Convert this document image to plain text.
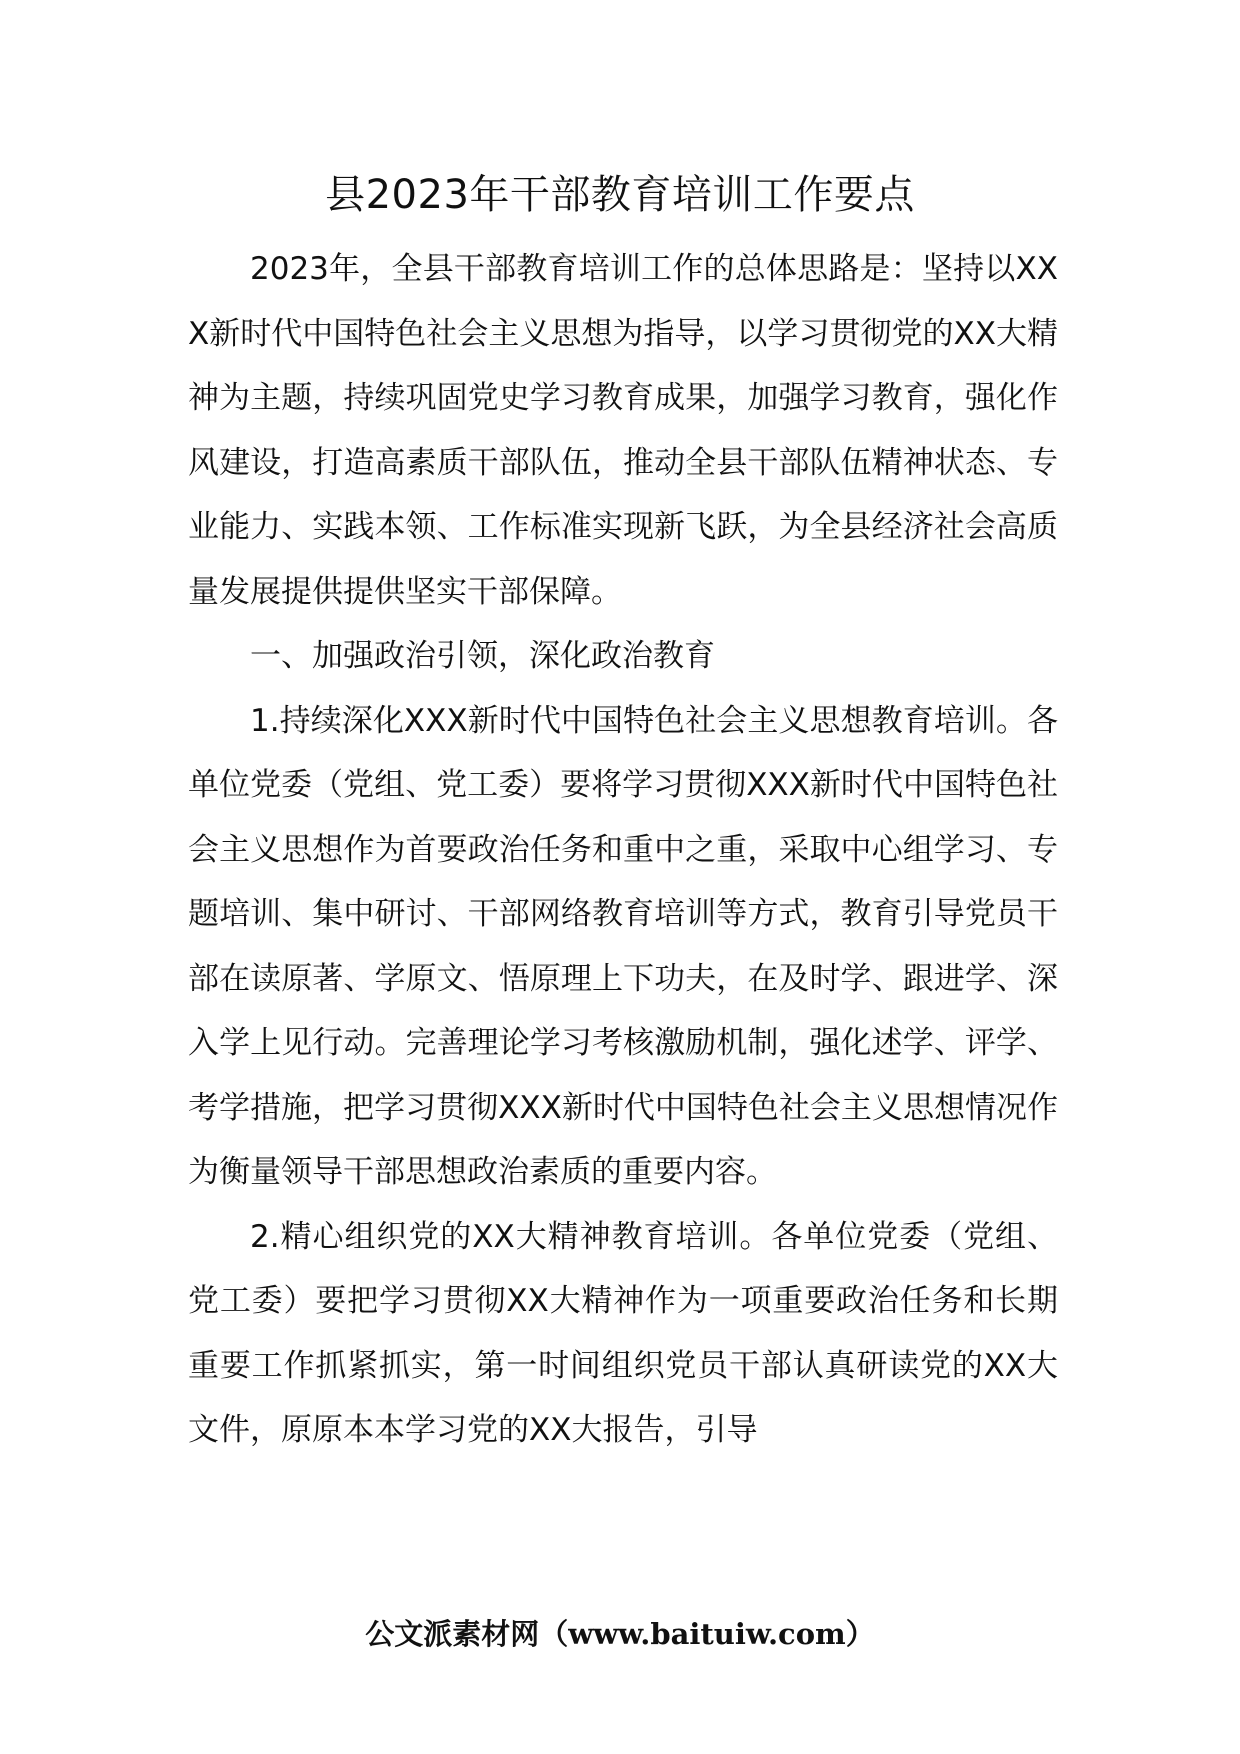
县2023年干部教育培训工作要点

2023年，全县干部教育培训工作的总体思路是：坚持以XXX新时代中国特色社会主义思想为指导，以学习贯彻党的XX大精神为主题，持续巩固党史学习教育成果，加强学习教育，强化作风建设，打造高素质干部队伍，推动全县干部队伍精神状态、专业能力、实践本领、工作标准实现新飞跃，为全县经济社会高质量发展提供提供坚实干部保障。

一、加强政治引领，深化政治教育

1.持续深化XXX新时代中国特色社会主义思想教育培训。各单位党委（党组、党工委）要将学习贯彻XXX新时代中国特色社会主义思想作为首要政治任务和重中之重，采取中心组学习、专题培训、集中研讨、干部网络教育培训等方式，教育引导党员干部在读原著、学原文、悟原理上下功夫，在及时学、跟进学、深入学上见行动。完善理论学习考核激励机制，强化述学、评学、考学措施，把学习贯彻XXX新时代中国特色社会主义思想情况作为衡量领导干部思想政治素质的重要内容。

2.精心组织党的XX大精神教育培训。各单位党委（党组、党工委）要把学习贯彻XX大精神作为一项重要政治任务和长期重要工作抓紧抓实，第一时间组织党员干部认真研读党的XX大文件，原原本本学习党的XX大报告，引导

公文派素材网（www.baituiw.com）
